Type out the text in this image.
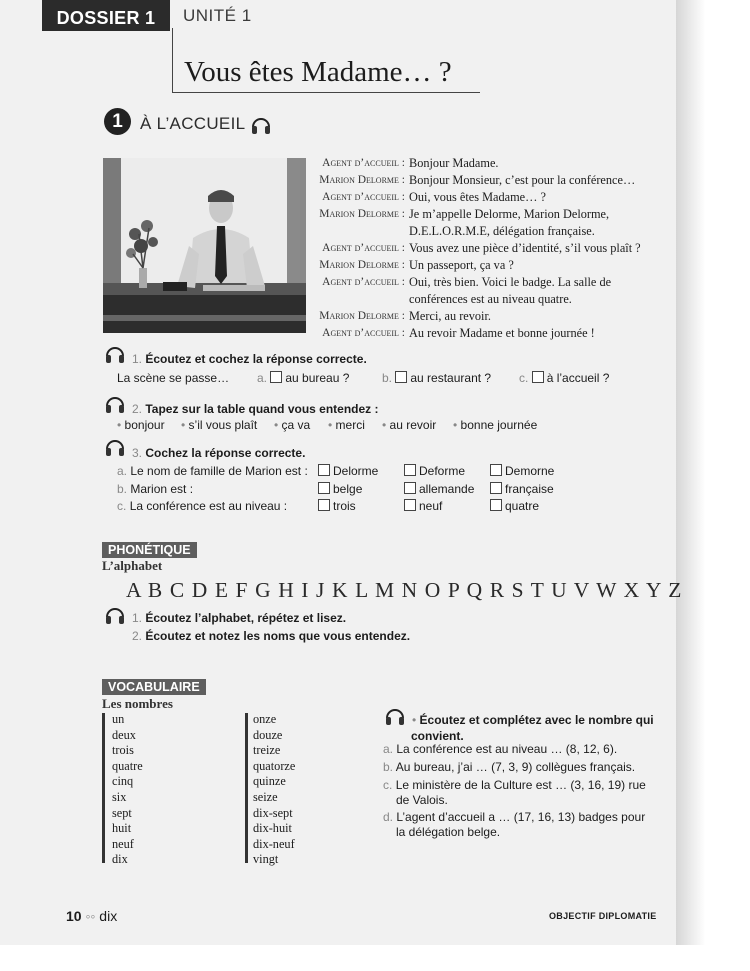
DOSSIER 1	UNITÉ 1
Vous êtes Madame… ?
1	À L’ACCUEIL
Agent d’accueil : Bonjour Madame.
Marion Delorme : Bonjour Monsieur, c’est pour la conférence…
Agent d’accueil : Oui, vous êtes Madame… ?
Marion Delorme : Je m’appelle Delorme, Marion Delorme,
D.E.L.O.R.M.E, délégation française.
Agent d’accueil : Vous avez une pièce d’identité, s’il vous plaît ?
Marion Delorme : Un passeport, ça va ?
Agent d’accueil : Oui, très bien. Voici le badge. La salle de
conférences est au niveau quatre.
Marion Delorme : Merci, au revoir.
Agent d’accueil : Au revoir Madame et bonne journée !
1. Écoutez et cochez la réponse correcte.
La scène se passe… a. au bureau ?	b. au restaurant ? c. à l’accueil ?
2. Tapez sur la table quand vous entendez :
• bonjour • s’il vous plaît • ça va • merci • au revoir • bonne journée
3. Cochez la réponse correcte.
a. Le nom de famille de Marion est :	Delorme	Deforme	Demorne
b. Marion est :	belge	allemande	française
c. La conférence est au niveau :	trois	neuf	quatre
PHONÉTIQUE
L’alphabet
A B C D E F G H I J K L M N O P Q R S T U V W X Y Z
1. Écoutez l’alphabet, répétez et lisez.
2. Écoutez et notez les noms que vous entendez.
VOCABULAIRE
Les nombres
un
deux
trois
quatre
cinq
six
sept
huit
neuf
dix
onze
douze
treize
quatorze
quinze
seize
dix-sept
dix-huit
dix-neuf
vingt
• Écoutez et complétez avec le nombre qui
convient.
a. La conférence est au niveau … (8, 12, 6).
b. Au bureau, j’ai … (7, 3, 9) collègues français.
c. Le ministère de la Culture est … (3, 16, 19) rue
de Valois.
d. L’agent d’accueil a … (17, 16, 13) badges pour
la délégation belge.
10 ◦◦ dix	OBJECTIF DIPLOMATIE
